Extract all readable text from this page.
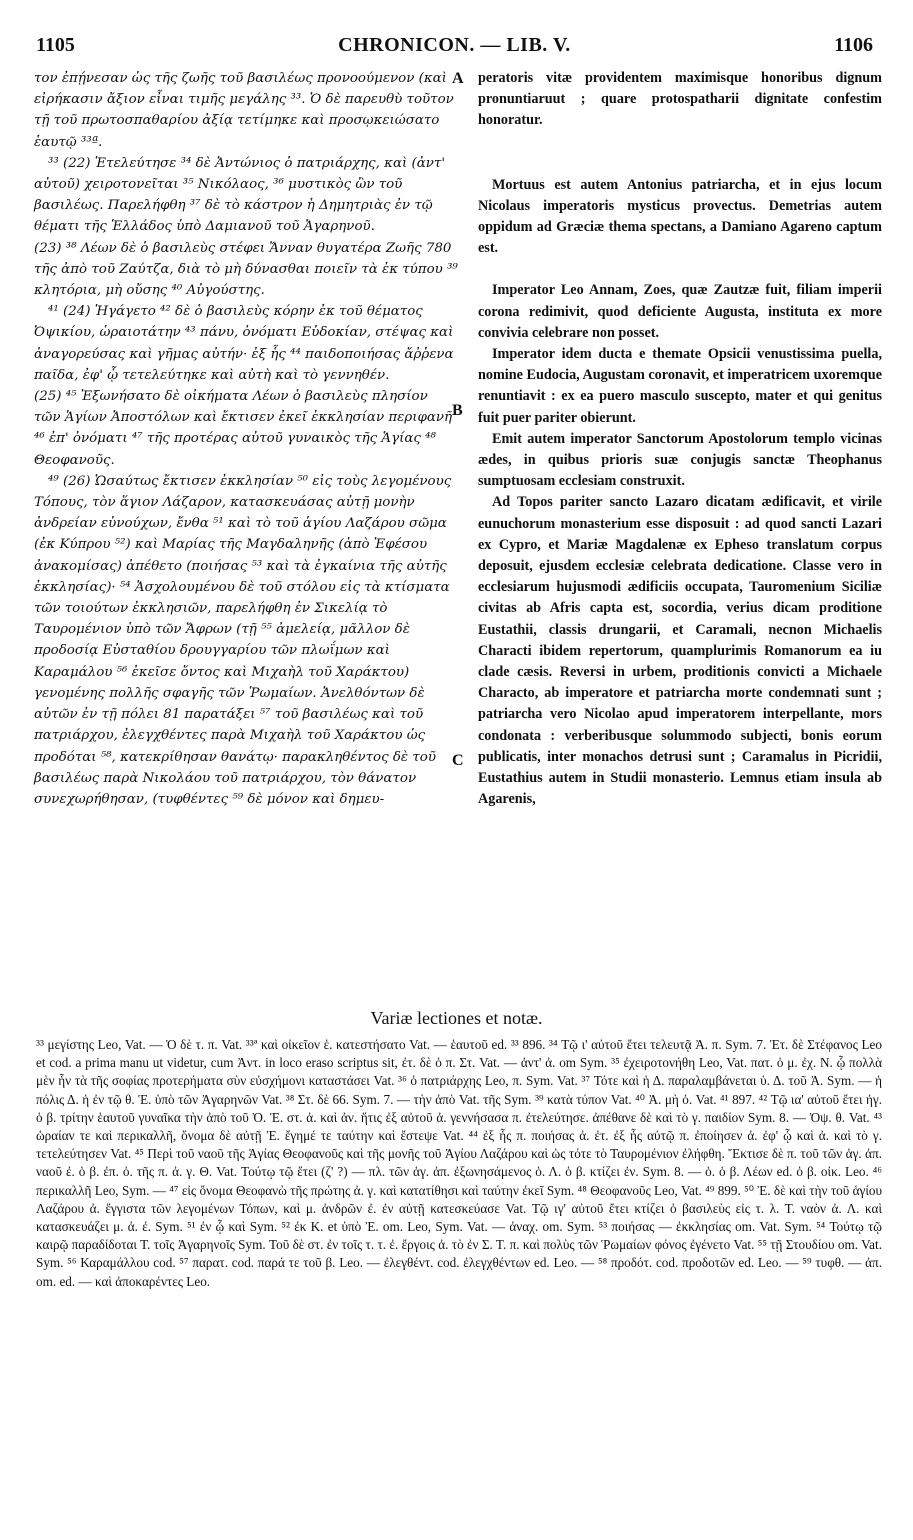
1105	CHRONICON. — LIB. V.	1106
A
B
C

τον ἐπῄνεσαν ὡς τῆς ζωῆς τοῦ βασιλέως προνοούμενον (καὶ εἰρήκασιν ἄξιον εἶναι τιμῆς μεγάλης ³³. Ὁ δὲ παρευθὺ τοῦτον τῇ τοῦ πρωτοσπαθαρίου ἀξίᾳ τετίμηκε καὶ προσῳκειώσατο ἑαυτῷ ³³ª.

³³ (22) Ἐτελεύτησε ³⁴ δὲ Ἀντώνιος ὁ πατριάρχης, καὶ (ἀντ' αὐτοῦ) χειροτονεῖται ³⁵ Νικόλαος, ³⁶ μυστικὸς ὢν τοῦ βασιλέως. Παρελήφθη ³⁷ δὲ τὸ κάστρον ἡ Δημητριὰς ἐν τῷ θέματι τῆς Ἑλλάδος ὑπὸ Δαμιανοῦ τοῦ Ἀγαρηνοῦ.

(23) ³⁸ Λέων δὲ ὁ βασιλεὺς στέφει Ἄνναν θυγατέρα Ζωῆς 780 τῆς ἀπὸ τοῦ Ζαύτζα, διὰ τὸ μὴ δύνασθαι ποιεῖν τὰ ἐκ τύπου ³⁹ κλητόρια, μὴ οὔσης ⁴⁰ Αὐγούστης.

⁴¹ (24) Ἠγάγετο ⁴² δὲ ὁ βασιλεὺς κόρην ἐκ τοῦ θέματος Ὀψικίου, ὡραιοτάτην ⁴³ πάνυ, ὀνόματι Εὐδοκίαν, στέψας καὶ ἀναγορεύσας καὶ γῆμας αὐτήν· ἐξ ἧς ⁴⁴ παιδοποιήσας ἄῤῥενα παῖδα, ἐφ' ᾧ τετελεύτηκε καὶ αὐτὴ καὶ τὸ γεννηθέν.

(25) ⁴⁵ Ἐξωνήσατο δὲ οἰκήματα Λέων ὁ βασιλεὺς πλησίον τῶν Ἁγίων Ἀποστόλων καὶ ἔκτισεν ἐκεῖ ἐκκλησίαν περιφανῆ ⁴⁶ ἐπ' ὀνόματι ⁴⁷ τῆς προτέρας αὐτοῦ γυναικὸς τῆς Ἁγίας ⁴⁸ Θεοφανοῦς.

⁴⁹ (26) Ὡσαύτως ἔκτισεν ἐκκλησίαν ⁵⁰ εἰς τοὺς λεγομένους Τόπους, τὸν ἅγιον Λάζαρον, κατασκευάσας αὐτῇ μονὴν ἀνδρείαν εὐνούχων, ἔνθα ⁵¹ καὶ τὸ τοῦ ἁγίου Λαζάρου σῶμα (ἐκ Κύπρου ⁵²) καὶ Μαρίας τῆς Μαγδαληνῆς (ἀπὸ Ἐφέσου ἀνακομίσας) ἀπέθετο (ποιήσας ⁵³ καὶ τὰ ἐγκαίνια τῆς αὐτῆς ἐκκλησίας)· ⁵⁴ Ἀσχολουμένου δὲ τοῦ στόλου εἰς τὰ κτίσματα τῶν τοιούτων ἐκκλησιῶν, παρελήφθη ἐν Σικελίᾳ τὸ Ταυρομένιον ὑπὸ τῶν Ἄφρων (τῇ ⁵⁵ ἀμελείᾳ, μᾶλλον δὲ προδοσίᾳ Εὐσταθίου δρουγγαρίου τῶν πλωΐμων καὶ Καραμάλου ⁵⁶ ἐκεῖσε ὄντος καὶ Μιχαὴλ τοῦ Χαράκτου) γενομένης πολλῆς σφαγῆς τῶν Ῥωμαίων. Ἀνελθόντων δὲ αὐτῶν ἐν τῇ πόλει 81 παρατάξει ⁵⁷ τοῦ βασιλέως καὶ τοῦ πατριάρχου, ἐλεγχθέντες παρὰ Μιχαὴλ τοῦ Χαράκτου ὡς προδόται ⁵⁸, κατεκρίθησαν θανάτῳ· παρακληθέντος δὲ τοῦ βασιλέως παρὰ Νικολάου τοῦ πατριάρχου, τὸν θάνατον συνεχωρήθησαν, (τυφθέντες ⁵⁹ δὲ μόνον καὶ δημευ-

peratoris vitæ providentem maximisque honoribus dignum pronuntiaruut ; quare protospatharii dignitate confestim honoratur.

Mortuus est autem Antonius patriarcha, et in ejus locum Nicolaus imperatoris mysticus provectus. Demetrias autem oppidum ad Græciæ thema spectans, a Damiano Agareno captum est.

Imperator Leo Annam, Zoes, quæ Zautzæ fuit, filiam imperii corona redimivit, quod deficiente Augusta, instituta ex more convivia celebrare non posset.

Imperator idem ducta e themate Opsicii venustissima puella, nomine Eudocia, Augustam coronavit, et imperatricem uxoremque renuntiavit : ex ea puero masculo suscepto, mater et qui genitus fuit puer pariter obierunt.

Emit autem imperator Sanctorum Apostolorum templo vicinas ædes, in quibus prioris suæ conjugis sanctæ Theophanus sumptuosam ecclesiam construxit.

Ad Topos pariter sancto Lazaro dicatam ædificavit, et virile eunuchorum monasterium esse disposuit : ad quod sancti Lazari ex Cypro, et Mariæ Magdalenæ ex Epheso translatum corpus deposuit, ejusdem ecclesiæ celebrata dedicatione. Classe vero in ecclesiarum hujusmodi ædificiis occupata, Tauromenium Siciliæ civitas ab Afris capta est, socordia, verius dicam proditione Eustathii, classis drungarii, et Caramali, necnon Michaelis Characti ibidem repertorum, quamplurimis Romanorum ea iu clade cæsis. Reversi in urbem, proditionis convicti a Michaele Characto, ab imperatore et patriarcha morte condemnati sunt ; patriarcha vero Nicolao apud imperatorem interpellante, mors condonata : verberibusque solummodo subjecti, bonis eorum publicatis, inter monachos detrusi sunt ; Caramalus in Picridii, Eustathius autem in Studii monasterio. Lemnus etiam insula ab Agarenis,

Variæ lectiones et notæ.

³³ μεγίστης Leo, Vat. — Ὁ δὲ τ. π. Vat. ³³ª καὶ οἰκεῖον ἑ. κατεστήσατο Vat. — ἑαυτοῦ ed. ³³ 896. ³⁴ Τῷ ι' αὐτοῦ ἔτει τελευτᾷ Ἀ. π. Sym. 7. Ἐτ. δὲ Στέφανος Leo et cod. a prima manu ut videtur, cum Ἀντ. in loco eraso scriptus sit, ἐτ. δὲ ὁ π. Στ. Vat. — ἀντ' ἀ. om Sym. ³⁵ ἐχειροτονήθη Leo, Vat. πατ. ὁ μ. ἐχ. Ν. ᾧ πολλὰ μὲν ἦν τὰ τῆς σοφίας προτερήματα σὺν εὐσχήμονι καταστάσει Vat. ³⁶ ὁ πατριάρχης Leo, π. Sym. Vat. ³⁷ Τότε καὶ ἡ Δ. παραλαμβάνεται ὑ. Δ. τοῦ Ἀ. Sym. — ἡ πόλις Δ. ἡ ἐν τῷ θ. Ἑ. ὑπὸ τῶν Ἀγαρηνῶν Vat. ³⁸ Στ. δὲ 66. Sym. 7. — τὴν ἀπὸ Vat. τῆς Sym. ³⁹ κατὰ τύπον Vat. ⁴⁰ Ἀ. μὴ ὁ. Vat. ⁴¹ 897. ⁴² Τῷ ια' αὐτοῦ ἔτει ἠγ. ὁ β. τρίτην ἑαυτοῦ γυναῖκα τὴν ἀπὸ τοῦ Ὀ. Ἐ. στ. ἀ. καὶ ἀν. ἥτις ἐξ αὐτοῦ ἀ. γεννήσασα π. ἐτελεύτησε. ἀπέθανε δὲ καὶ τὸ γ. παιδίον Sym. 8. — Ὀψ. θ. Vat. ⁴³ ὡραίαν τε καὶ περικαλλῆ, ὄνομα δὲ αὐτῇ Ἐ. ἔγημέ τε ταύτην καὶ ἔστεψε Vat. ⁴⁴ ἐξ ἧς π. ποιήσας ἀ. ἐτ. ἐξ ἧς αὐτῷ π. ἐποίησεν ἀ. ἐφ' ᾧ καὶ ἀ. καὶ τὸ γ. τετελεύτησεν Vat. ⁴⁵ Περὶ τοῦ ναοῦ τῆς Ἁγίας Θεοφανοῦς καὶ τῆς μονῆς τοῦ Ἁγίου Λαζάρου καὶ ὡς τότε τὸ Ταυρομένιον ἐλήφθη. Ἔκτισε δὲ π. τοῦ τῶν ἁγ. ἀπ. ναοῦ ἐ. ὁ β. ἐπ. ὀ. τῆς π. ἀ. γ. Θ. Vat. Τούτῳ τῷ ἔτει (ζ' ?) — πλ. τῶν ἁγ. ἀπ. ἐξωνησάμενος ὁ. Λ. ὁ β. κτίζει ἐν. Sym. 8. — ὁ. ὁ β. Λέων ed. ὁ β. οἰκ. Leo. ⁴⁶ περικαλλῆ Leo, Sym. — ⁴⁷ εἰς ὄνομα Θεοφανὼ τῆς πρώτης ἀ. γ. καὶ κατατίθησι καὶ ταύτην ἐκεῖ Sym. ⁴⁸ Θεοφανοῦς Leo, Vat. ⁴⁹ 899. ⁵⁰ Ἐ. δὲ καὶ τὴν τοῦ ἁγίου Λαζάρου ἀ. ἔγγιστα τῶν λεγομένων Τόπων, καὶ μ. ἀνδρῶν ἐ. ἐν αὐτῇ κατεσκεύασε Vat. Τῷ ιγ' αὐτοῦ ἔτει κτίζει ὁ βασιλεὺς εἰς τ. λ. Τ. ναὸν ἀ. Λ. καὶ κατασκευάζει μ. ἀ. ἐ. Sym. ⁵¹ ἐν ᾧ καὶ Sym. ⁵² ἐκ Κ. et ὑπὸ Ἐ. om. Leo, Sym. Vat. — ἀναχ. om. Sym. ⁵³ ποιήσας — ἐκκλησίας om. Vat. Sym. ⁵⁴ Τούτῳ τῷ καιρῷ παραδίδοται Τ. τοῖς Ἀγαρηνοῖς Sym. Τοῦ δὲ στ. ἐν τοῖς τ. τ. ἐ. ἔργοις ἀ. τὸ ἐν Σ. Τ. π. καὶ πολὺς τῶν Ῥωμαίων φόνος ἐγένετο Vat. ⁵⁵ τῇ Στουδίου om. Vat. Sym. ⁵⁶ Καραμάλλου cod. ⁵⁷ παρατ. cod. παρά τε τοῦ β. Leo. — ἐλεγθέντ. cod. ἐλεγχθέντων ed. Leo. — ⁵⁸ προδότ. cod. προδοτῶν ed. Leo. — ⁵⁹ τυφθ. — ἀπ. om. ed. — καὶ ἀποκαρέντες Leo.
